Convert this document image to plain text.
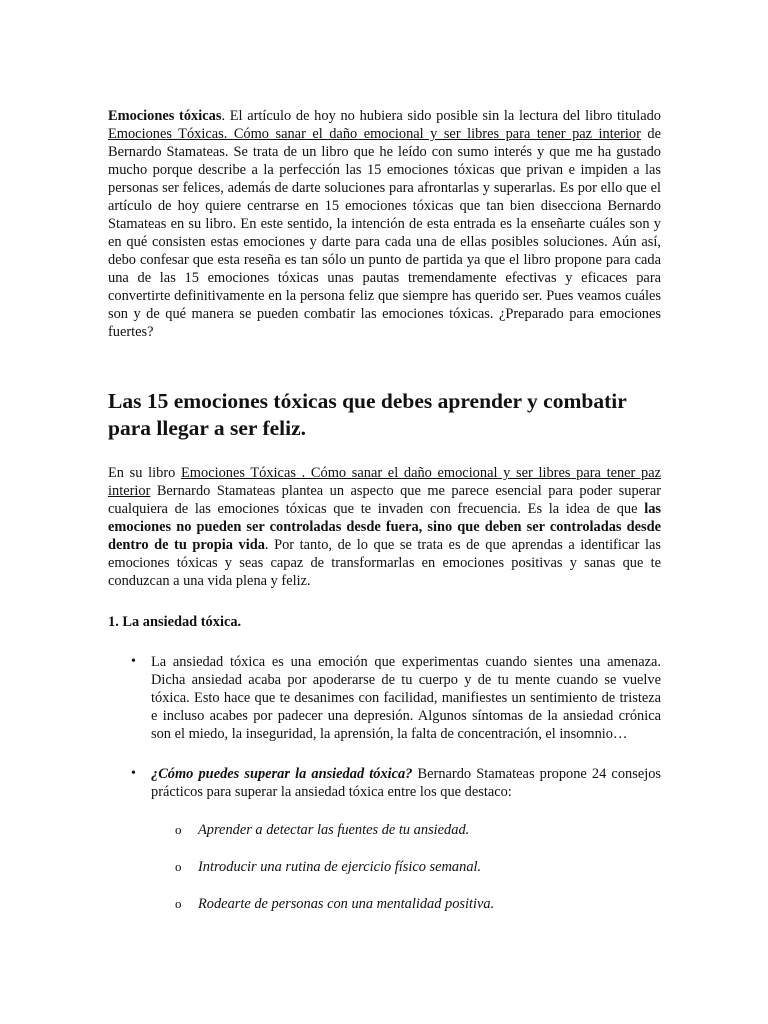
Emociones tóxicas. El artículo de hoy no hubiera sido posible sin la lectura del libro titulado Emociones Tóxicas. Cómo sanar el daño emocional y ser libres para tener paz interior de Bernardo Stamateas. Se trata de un libro que he leído con sumo interés y que me ha gustado mucho porque describe a la perfección las 15 emociones tóxicas que privan e impiden a las personas ser felices, además de darte soluciones para afrontarlas y superarlas. Es por ello que el artículo de hoy quiere centrarse en 15 emociones tóxicas que tan bien disecciona Bernardo Stamateas en su libro. En este sentido, la intención de esta entrada es la enseñarte cuáles son y en qué consisten estas emociones y darte para cada una de ellas posibles soluciones. Aún así, debo confesar que esta reseña es tan sólo un punto de partida ya que el libro propone para cada una de las 15 emociones tóxicas unas pautas tremendamente efectivas y eficaces para convertirte definitivamente en la persona feliz que siempre has querido ser. Pues veamos cuáles son y de qué manera se pueden combatir las emociones tóxicas. ¿Preparado para emociones fuertes?

Las 15 emociones tóxicas que debes aprender y combatir para llegar a ser feliz.

En su libro Emociones Tóxicas . Cómo sanar el daño emocional y ser libres para tener paz interior Bernardo Stamateas plantea un aspecto que me parece esencial para poder superar cualquiera de las emociones tóxicas que te invaden con frecuencia. Es la idea de que las emociones no pueden ser controladas desde fuera, sino que deben ser controladas desde dentro de tu propia vida. Por tanto, de lo que se trata es de que aprendas a identificar las emociones tóxicas y seas capaz de transformarlas en emociones positivas y sanas que te conduzcan a una vida plena y feliz.

1. La ansiedad tóxica.
• La ansiedad tóxica es una emoción que experimentas cuando sientes una amenaza. Dicha ansiedad acaba por apoderarse de tu cuerpo y de tu mente cuando se vuelve tóxica. Esto hace que te desanimes con facilidad, manifiestes un sentimiento de tristeza e incluso acabes por padecer una depresión. Algunos síntomas de la ansiedad crónica son el miedo, la inseguridad, la aprensión, la falta de concentración, el insomnio…
• ¿Cómo puedes superar la ansiedad tóxica? Bernardo Stamateas propone 24 consejos prácticos para superar la ansiedad tóxica entre los que destaco:
o Aprender a detectar las fuentes de tu ansiedad.
o Introducir una rutina de ejercicio físico semanal.
o Rodearte de personas con una mentalidad positiva.
